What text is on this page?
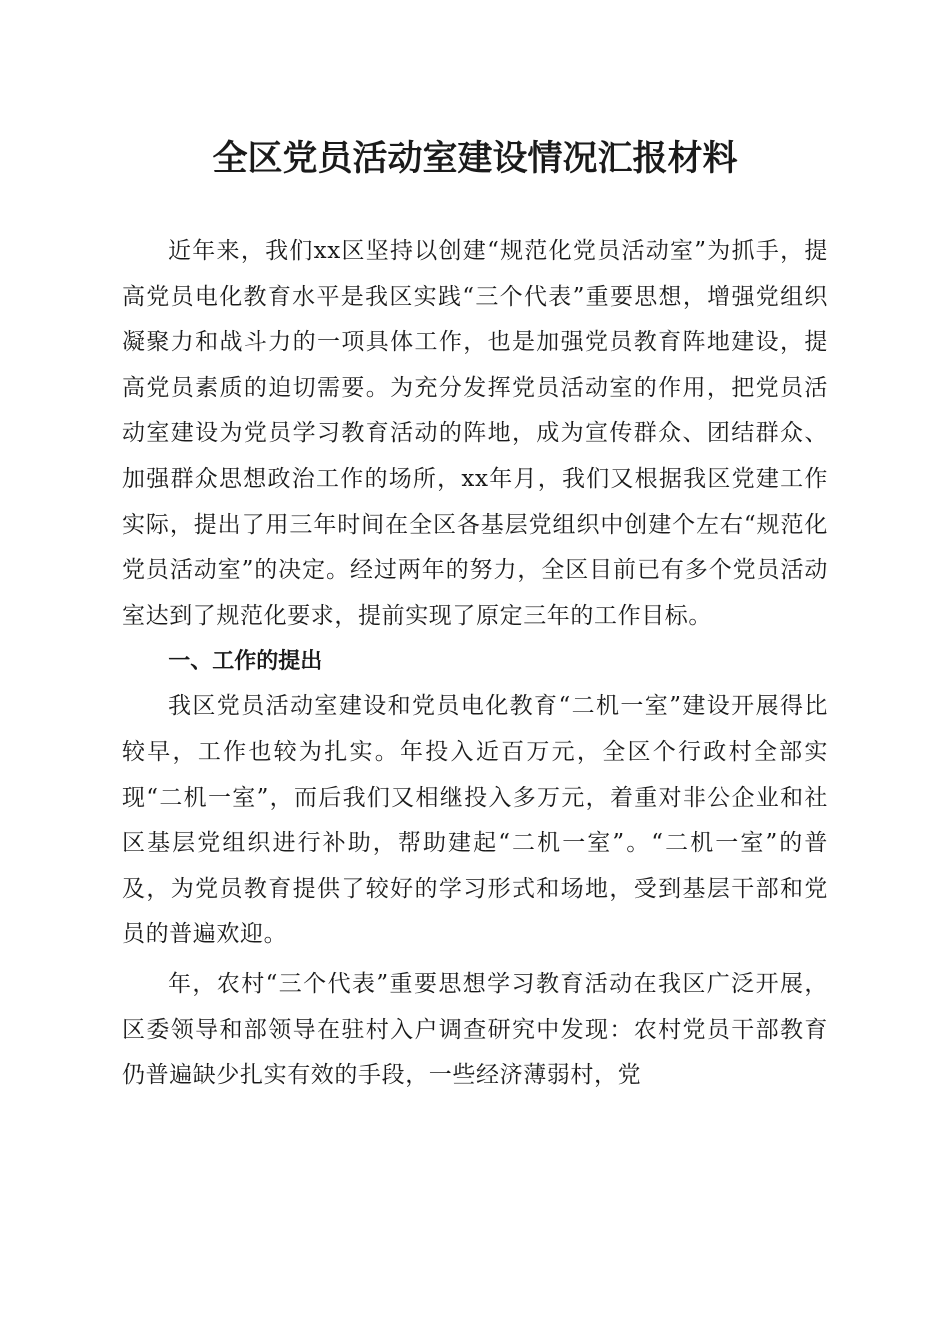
全区党员活动室建设情况汇报材料

近年来，我们xx区坚持以创建“规范化党员活动室”为抓手，提高党员电化教育水平是我区实践“三个代表”重要思想，增强党组织凝聚力和战斗力的一项具体工作，也是加强党员教育阵地建设，提高党员素质的迫切需要。为充分发挥党员活动室的作用，把党员活动室建设为党员学习教育活动的阵地，成为宣传群众、团结群众、加强群众思想政治工作的场所，xx年月，我们又根据我区党建工作实际，提出了用三年时间在全区各基层党组织中创建个左右“规范化党员活动室”的决定。经过两年的努力，全区目前已有多个党员活动室达到了规范化要求，提前实现了原定三年的工作目标。

一、工作的提出

我区党员活动室建设和党员电化教育“二机一室”建设开展得比较早，工作也较为扎实。年投入近百万元，全区个行政村全部实现“二机一室”，而后我们又相继投入多万元，着重对非公企业和社区基层党组织进行补助，帮助建起“二机一室”。“二机一室”的普及，为党员教育提供了较好的学习形式和场地，受到基层干部和党员的普遍欢迎。

年，农村“三个代表”重要思想学习教育活动在我区广泛开展，区委领导和部领导在驻村入户调查研究中发现：农村党员干部教育仍普遍缺少扎实有效的手段，一些经济薄弱村，党
